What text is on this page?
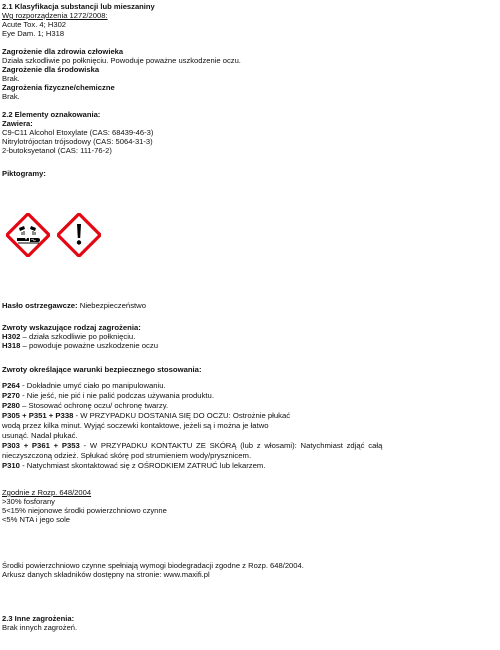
2.1 Klasyfikacja substancji lub mieszaniny
Wg rozporządzenia 1272/2008:
Acute Tox. 4; H302
Eye Dam. 1; H318
Zagrożenie dla zdrowia człowieka
Działa szkodliwie po połknięciu. Powoduje poważne uszkodzenie oczu.
Zagrożenie dla środowiska
Brak.
Zagrożenia fizyczne/chemiczne
Brak.
2.2 Elementy oznakowania:
Zawiera:
C9-C11 Alcohol Etoxylate (CAS: 68439-46-3)
Nitrylotrójoctan trójsodowy (CAS: 5064-31-3)
2-butoksyetanol (CAS: 111-76-2)
Piktogramy:
Hasło ostrzegawcze: Niebezpieczeństwo
Zwroty wskazujące rodzaj zagrożenia:
H302 – działa szkodliwie po połknięciu.
H318 – powoduje poważne uszkodzenie oczu
Zwroty określające warunki bezpiecznego stosowania:
P264 - Dokładnie umyć ciało po manipulowaniu.
P270 - Nie jeść, nie pić i nie palić podczas używania produktu.
P280 – Stosować ochronę oczu/ ochronę twarzy.
P305 + P351 + P338 - W PRZYPADKU DOSTANIA SIĘ DO OCZU: Ostrożnie płukać
wodą przez kilka minut. Wyjąć soczewki kontaktowe, jeżeli są i można je łatwo
usunąć. Nadal płukać.
P303 + P361 + P353 - W PRZYPADKU KONTAKTU ZE SKÓRĄ (lub z włosami): Natychmiast zdjąć całą
nieczyszczoną odzież. Spłukać skórę pod strumieniem wody/prysznicem.
P310 - Natychmiast skontaktować się z OŚRODKIEM ZATRUĆ lub lekarzem.
Zgodnie z Rozp. 648/2004
>30% fosforany
5<15% niejonowe środki powierzchniowo czynne
<5% NTA i jego sole
Środki powierzchniowo czynne spełniają wymogi biodegradacji zgodne z Rozp. 648/2004.
Arkusz danych składników dostępny na stronie: www.maxifi.pl
2.3 Inne zagrożenia:
Brak innych zagrożeń.
